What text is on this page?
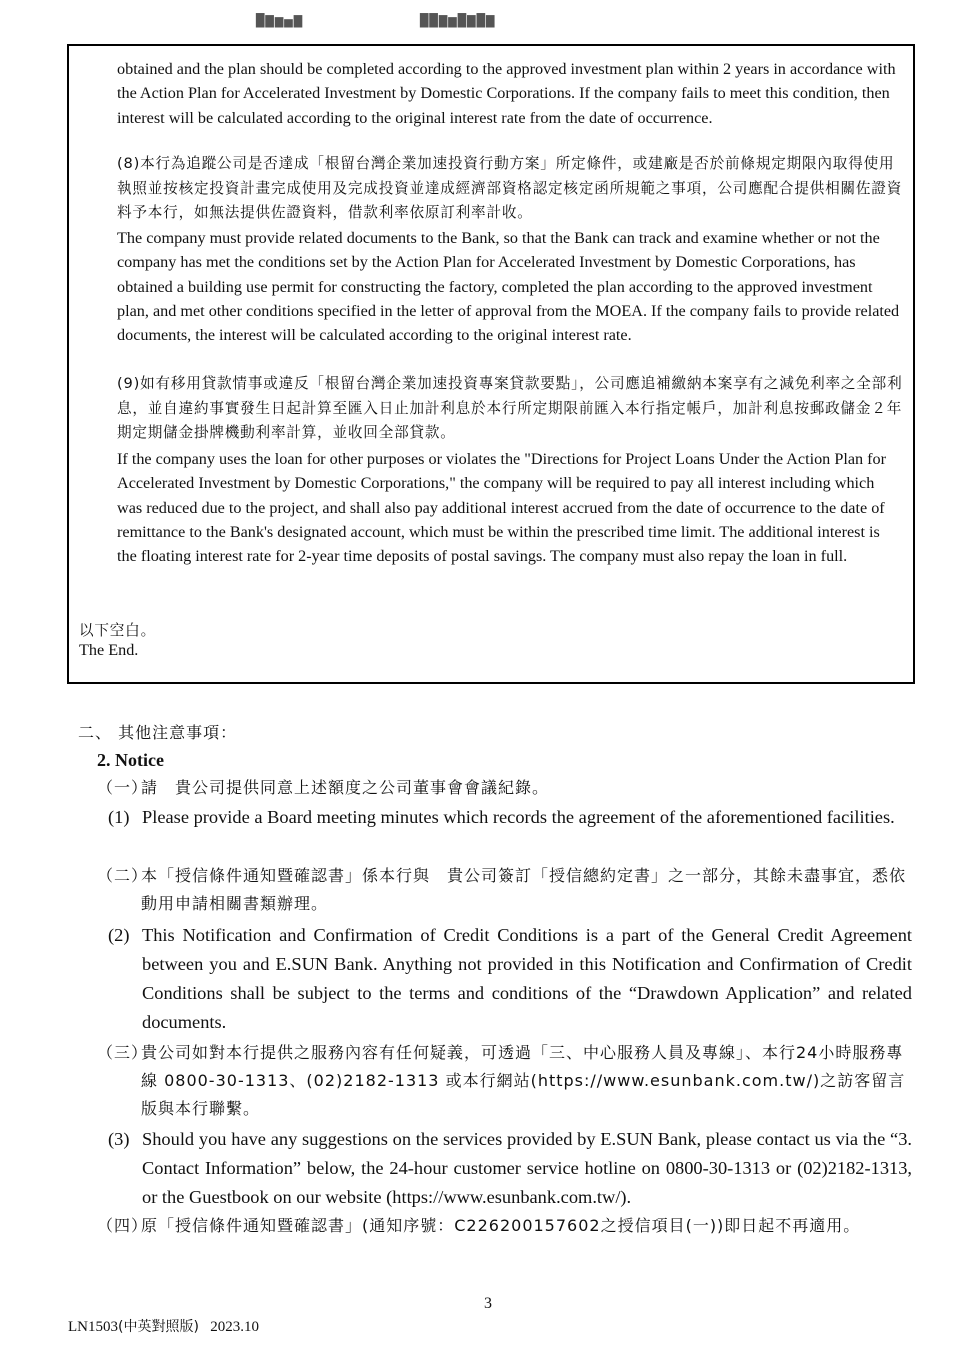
▇▆▅▄▆	▇▇▆▅▇▆▇▆

obtained and the plan should be completed according to the approved investment plan within 2 years in accordance with the Action Plan for Accelerated Investment by Domestic Corporations. If the company fails to meet this condition, then interest will be calculated according to the original interest rate from the date of occurrence.

(8)本行為追蹤公司是否達成「根留台灣企業加速投資行動方案」所定條件，或建廠是否於前條規定期限內取得使用執照並按核定投資計畫完成使用及完成投資並達成經濟部資格認定核定函所規範之事項，公司應配合提供相關佐證資料予本行，如無法提供佐證資料，借款利率依原訂利率計收。

The company must provide related documents to the Bank, so that the Bank can track and examine whether or not the company has met the conditions set by the Action Plan for Accelerated Investment by Domestic Corporations, has obtained a building use permit for constructing the factory, completed the plan according to the approved investment plan, and met other conditions specified in the letter of approval from the MOEA. If the company fails to provide related documents, the interest will be calculated according to the original interest rate.

(9)如有移用貸款情事或違反「根留台灣企業加速投資專案貸款要點」，公司應追補繳納本案享有之減免利率之全部利息，並自違約事實發生日起計算至匯入日止加計利息於本行所定期限前匯入本行指定帳戶，加計利息按郵政儲金２年期定期儲金掛牌機動利率計算，並收回全部貸款。

If the company uses the loan for other purposes or violates the "Directions for Project Loans Under the Action Plan for Accelerated Investment by Domestic Corporations," the company will be required to pay all interest including which was reduced due to the project, and shall also pay additional interest accrued from the date of occurrence to the date of remittance to the Bank's designated account, which must be within the prescribed time limit. The additional interest is the floating interest rate for 2-year time deposits of postal savings. The company must also repay the loan in full.

以下空白。

The End.

二、 其他注意事項：

2. Notice

（一）

請　貴公司提供同意上述額度之公司董事會會議紀錄。

(1) Please provide a Board meeting minutes which records the agreement of the aforementioned facilities.

（二）

本「授信條件通知暨確認書」係本行與　貴公司簽訂「授信總約定書」之一部分，其餘未盡事宜，悉依動用申請相關書類辦理。

(2) This Notification and Confirmation of Credit Conditions is a part of the General Credit Agreement between you and E.SUN Bank. Anything not provided in this Notification and Confirmation of Credit Conditions shall be subject to the terms and conditions of the “Drawdown Application” and related documents.

（三）

貴公司如對本行提供之服務內容有任何疑義，可透過「三、中心服務人員及專線」、本行24小時服務專線 0800-30-1313、(02)2182-1313 或本行網站(https://www.esunbank.com.tw/)之訪客留言版與本行聯繫。

(3) Should you have any suggestions on the services provided by E.SUN Bank, please contact us via the “3. Contact Information” below, the 24-hour customer service hotline on 0800-30-1313 or (02)2182-1313, or the Guestbook on our website (https://www.esunbank.com.tw/).

（四）

原「授信條件通知暨確認書」(通知序號：C226200157602之授信項目(一))即日起不再適用。

3

LN1503(中英對照版) 2023.10
